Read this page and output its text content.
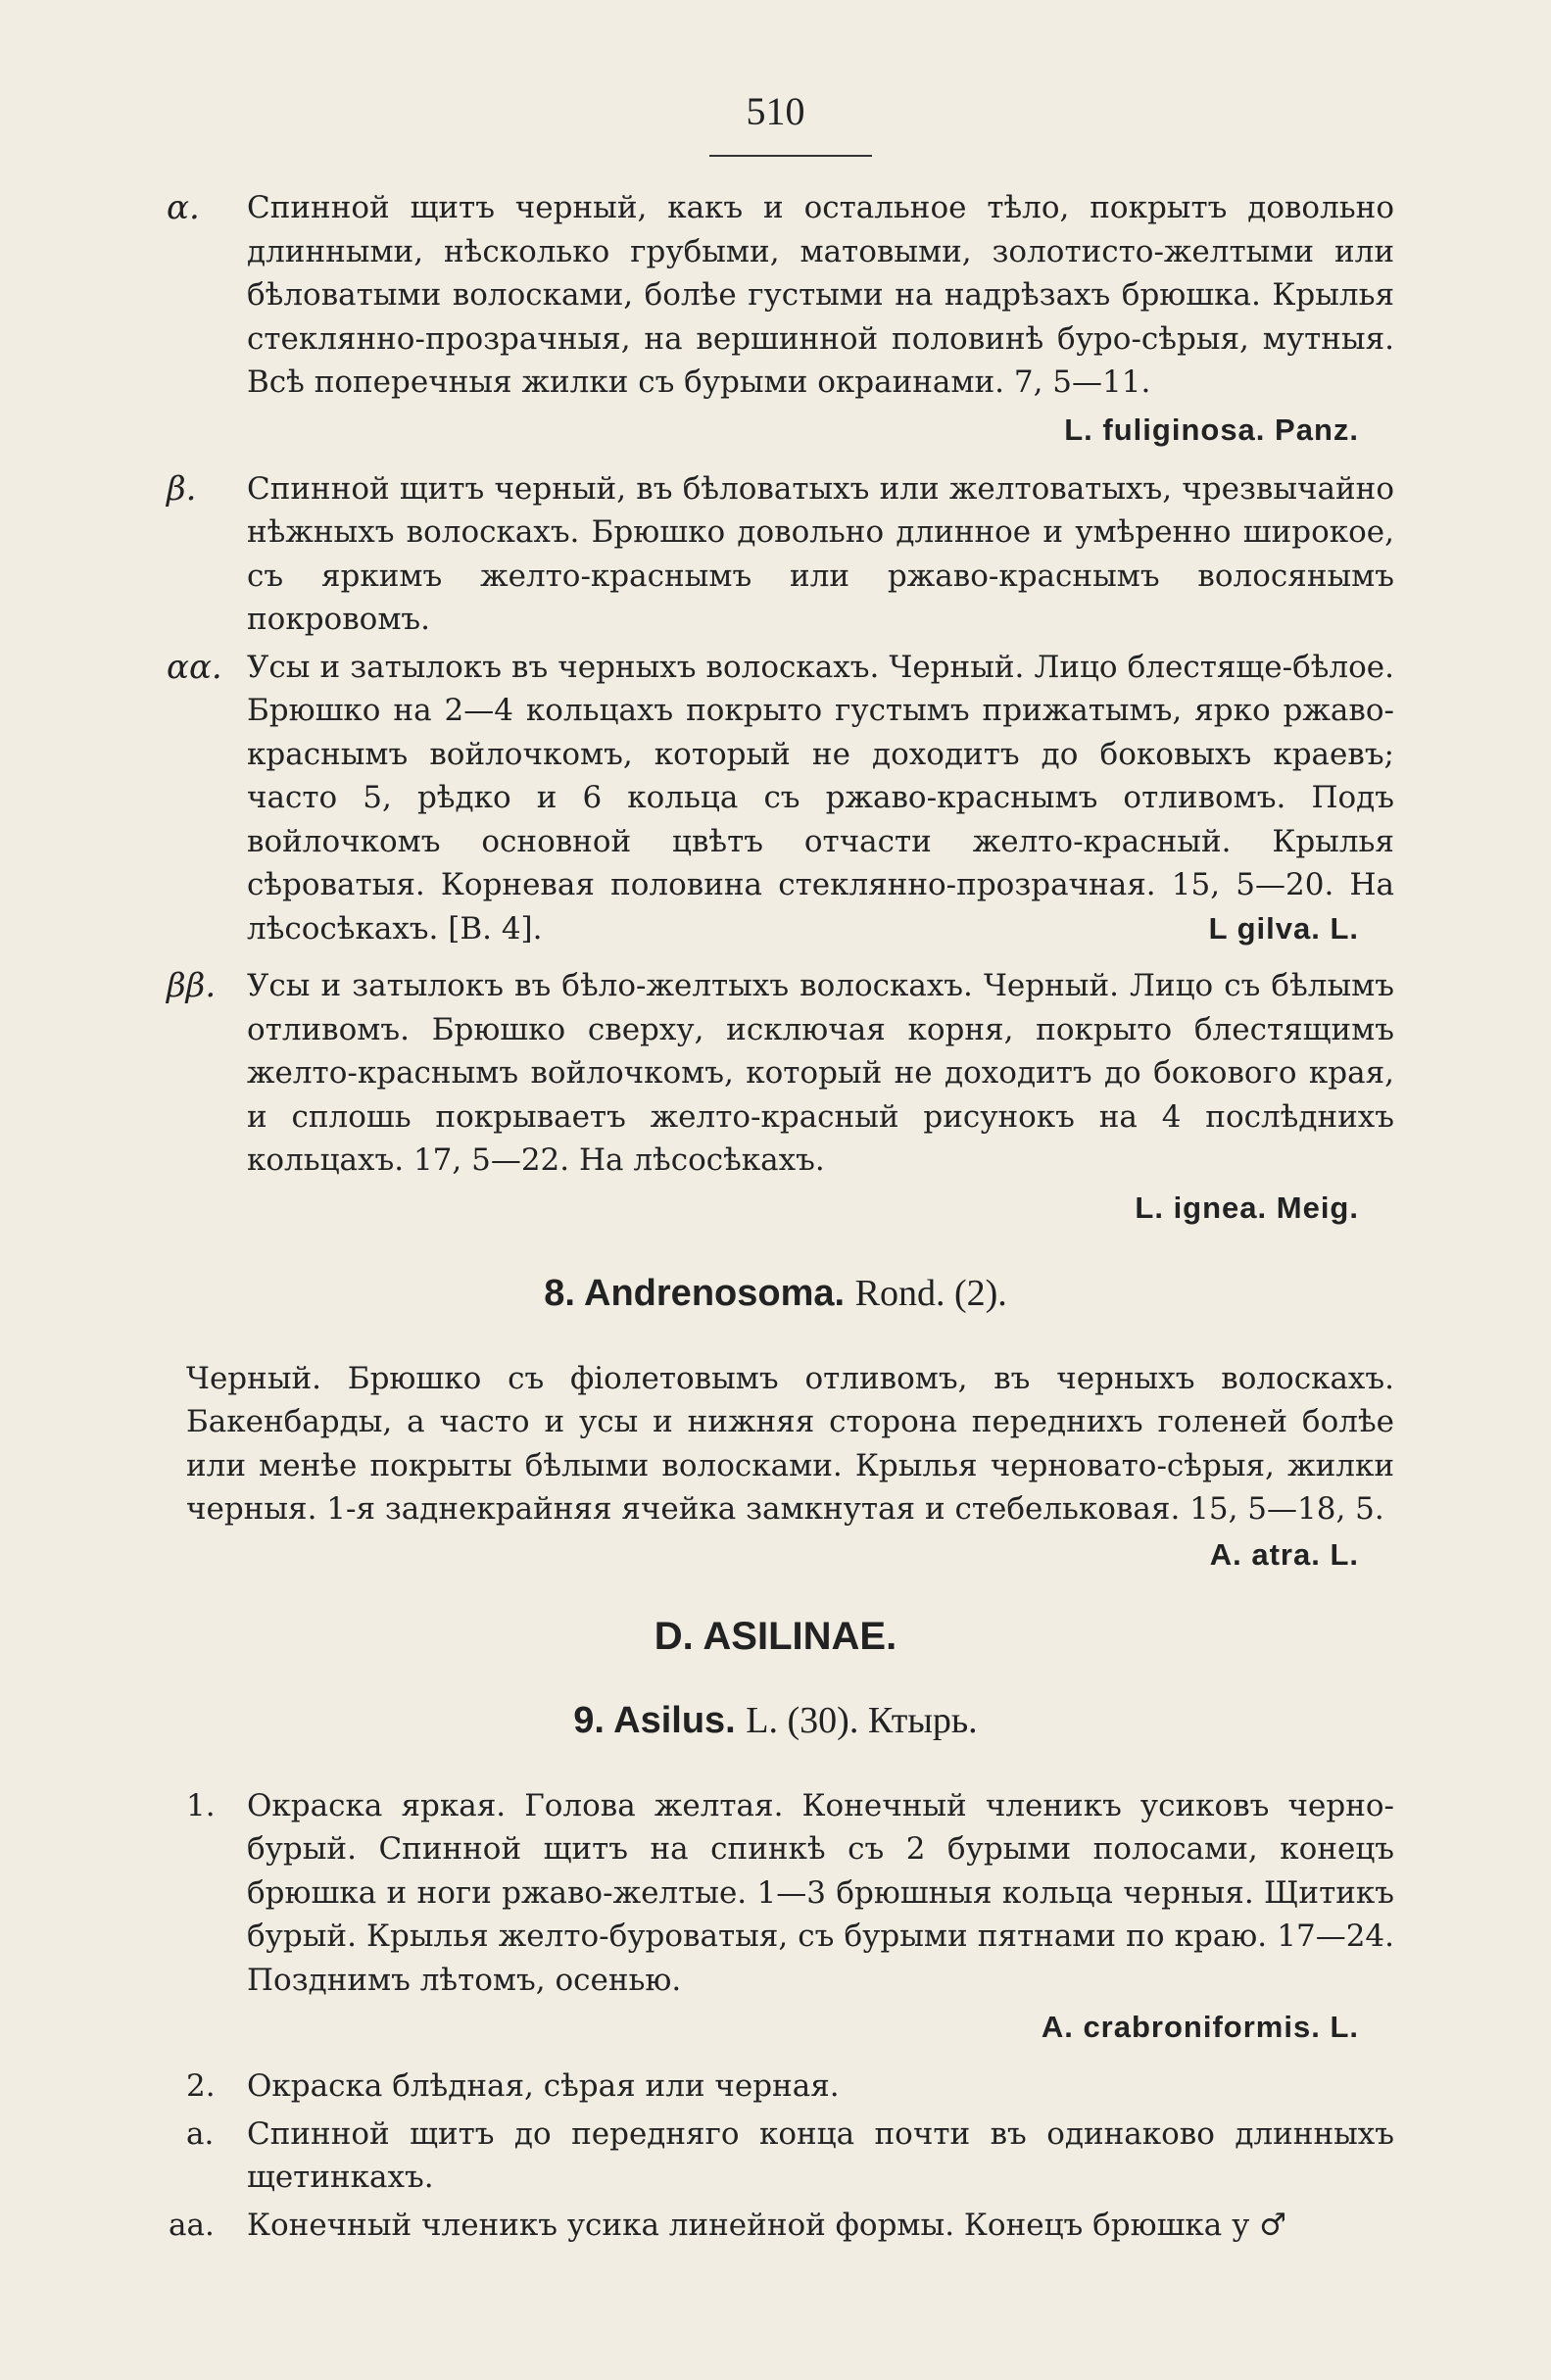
510
α. Спинной щитъ черный, какъ и остальное тѣло, покрытъ довольно длинными, нѣсколько грубыми, матовыми, золотисто-желтыми или бѣловатыми волосками, болѣе густыми на надрѣзахъ брюшка. Крылья стеклянно-прозрачныя, на вершинной половинѣ буро-сѣрыя, мутныя. Всѣ поперечныя жилки съ бурыми окраинами. 7, 5—11.
L. fuliginosa. Panz.
β. Спинной щитъ черный, въ бѣловатыхъ или желтоватыхъ, чрезвычайно нѣжныхъ волоскахъ. Брюшко довольно длинное и умѣренно широкое, съ яркимъ желто-краснымъ или ржаво-краснымъ волосянымъ покровомъ.
αα. Усы и затылокъ въ черныхъ волоскахъ. Черный. Лицо блестяще-бѣлое. Брюшко на 2—4 кольцахъ покрыто густымъ прижатымъ, ярко ржаво-краснымъ войлочкомъ, который не доходитъ до боковыхъ краевъ; часто 5, рѣдко и 6 кольца съ ржаво-краснымъ отливомъ. Подъ войлочкомъ основной цвѣтъ отчасти желто-красный. Крылья сѣроватыя. Корневая половина стеклянно-прозрачная. 15, 5—20. На лѣсосѣкахъ. [В. 4].	L gilva. L.
ββ. Усы и затылокъ въ бѣло-желтыхъ волоскахъ. Черный. Лицо съ бѣлымъ отливомъ. Брюшко сверху, исключая корня, покрыто блестящимъ желто-краснымъ войлочкомъ, который не доходитъ до бокового края, и сплошь покрываетъ желто-красный рисунокъ на 4 послѣднихъ кольцахъ. 17, 5—22. На лѣсосѣкахъ.
L. ignea. Meig.
8. Andrenosoma. Rond. (2).
Черный. Брюшко съ фіолетовымъ отливомъ, въ черныхъ волоскахъ. Бакенбарды, а часто и усы и нижняя сторона переднихъ голеней болѣе или менѣе покрыты бѣлыми волосками. Крылья черновато-сѣрыя, жилки черныя. 1-я заднекрайняя ячейка замкнутая и стебельковая. 15, 5—18, 5.
A. atra. L.
D. ASILINAE.
9. Asilus. L. (30). Ктырь.
1. Окраска яркая. Голова желтая. Конечный членикъ усиковъ черно-бурый. Спинной щитъ на спинкѣ съ 2 бурыми полосами, конецъ брюшка и ноги ржаво-желтые. 1—3 брюшныя кольца черныя. Щитикъ бурый. Крылья желто-буроватыя, съ бурыми пятнами по краю. 17—24. Позднимъ лѣтомъ, осенью.
A. crabroniformis. L.
2. Окраска блѣдная, сѣрая или черная.
a. Спинной щитъ до передняго конца почти въ одинаково длинныхъ щетинкахъ.
aa. Конечный членикъ усика линейной формы. Конецъ брюшка у ♂
